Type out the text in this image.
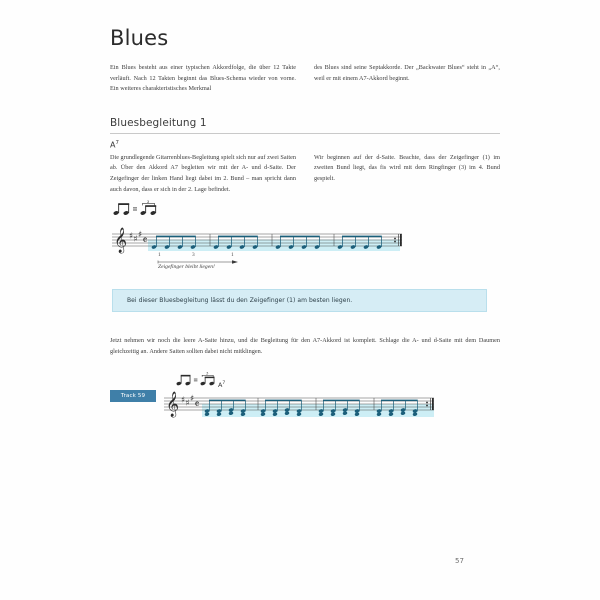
Blues

Ein Blues besteht aus einer typischen Akkordfolge, die über 12 Takte verläuft. Nach 12 Takten beginnt das Blues-Schema wieder von vorne. Ein weiteres charakteristisches Merkmal

des Blues sind seine Septakkorde. Der „Backwater Blues“ steht in „A“, weil er mit einem A7-Akkord beginnt.

Bluesbegleitung 1
$A^7$

Die grundlegende Gitarrenblues-Begleitung spielt sich nur auf zwei Saiten ab. Über den Akkord A7 begleiten wir mit der A- und d-Saite. Der Zeigefinger der linken Hand liegt dabei im 2. Bund – man spricht dann auch davon, dass er sich in der 2. Lage befindet.

Wir beginnen auf der d-Saite. Beachte, dass der Zeigefinger (1) im zweiten Bund liegt, das fis wird mit dem Ringfinger (3) im 4. Bund gespielt.

3
𝄞 ♯ ♯ ♯ 𝄴
1	3	1
Zeigefinger bleibt liegen!
Bei dieser Bluesbegleitung lässt du den Zeigefinger (1) am besten liegen.

Jetzt nehmen wir noch die leere A-Saite hinzu, und die Begleitung für den A7-Akkord ist komplett. Schlage die A- und d-Saite mit dem Daumen gleichzeitig an. Andere Saiten sollten dabei nicht mitklingen.

Track 59
3
$A^7$
𝄞 ♯ ♯ ♯ 𝄴
57
